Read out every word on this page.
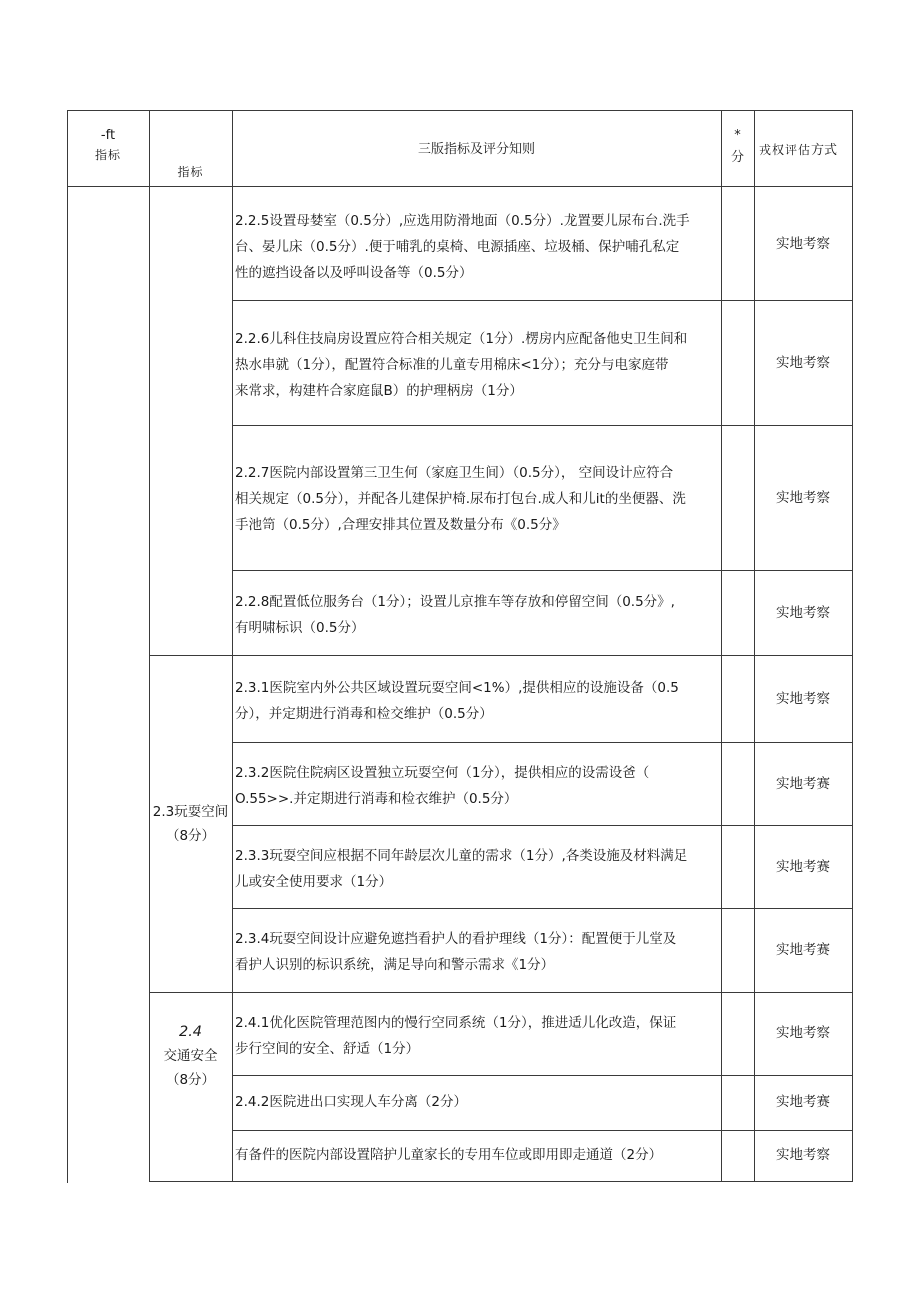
-ft
指标
指标
三版指标及评分知则
*
分	戎权评估方式
2.2.5设置母婪室（0.5分）,应选用防滑地面（0.5分）.龙置要儿尿布台.洗手
台、晏儿床（0.5分）.便于哺乳的桌椅、电源插座、垃圾桶、保护哺孔私定
性的遮挡设备以及呼叫设备等（0.5分）
2.2.6儿科住技扃房设置应符合相关规定（1分）.楞房内应配备他史卫生间和
热水串就（1分），配置符合标准的儿童专用棉床<1分）；充分与电家庭带
来常求，构建杵合家庭鼠B）的护理柄房（1分）
2.2.7医院内部设置第三卫生何（家庭卫生间）（0.5分）， 空间设计应符合
相关规定（0.5分），并配各儿建保护椅.尿布打包台.成人和儿it的坐便器、洗
手池笥（0.5分）,合理安排其位置及数量分布《0.5分》
2.2.8配置低位服务台（1分）；设置儿京推车等存放和停留空间（0.5分》,
有明啸标识（0.5分）
2.3.1医院室内外公共区域设置玩耍空间<1%）,提供相应的设施设备（0.5
分），并定期进行消毒和检交维护（0.5分）
2.3.2医院住院病区设置独立玩耍空何（1分），提供相应的设需设爸（
O.55>>.并定期进行消毒和检衣维护（0.5分）
2.3.3玩耍空间应根据不同年龄层次儿童的需求（1分）,各类设施及材料满足
儿或安全使用要求（1分）
2.3.4玩耍空间设计应避免遮挡看护人的看护理线（1分）：配置便于儿堂及
看护人识别的标识系统，满足导向和警示需求《1分）
2.4.1优化医院管理范图内的慢行空同系统（1分），推进适儿化改造，保证
步行空间的安全、舒适（1分）
2.4.2医院进出口实现人车分离（2分）
有备件的医院内部设置陪护儿童家长的专用车位或即用即走通道（2分）
实地考察
实地考察
实地考察
实地考察
实地考察
实地考赛
实地考赛
实地考赛
实地考察
实地考赛
实地考察
2.3玩耍空间
（8分）
2.4
交通安全
（8分）
